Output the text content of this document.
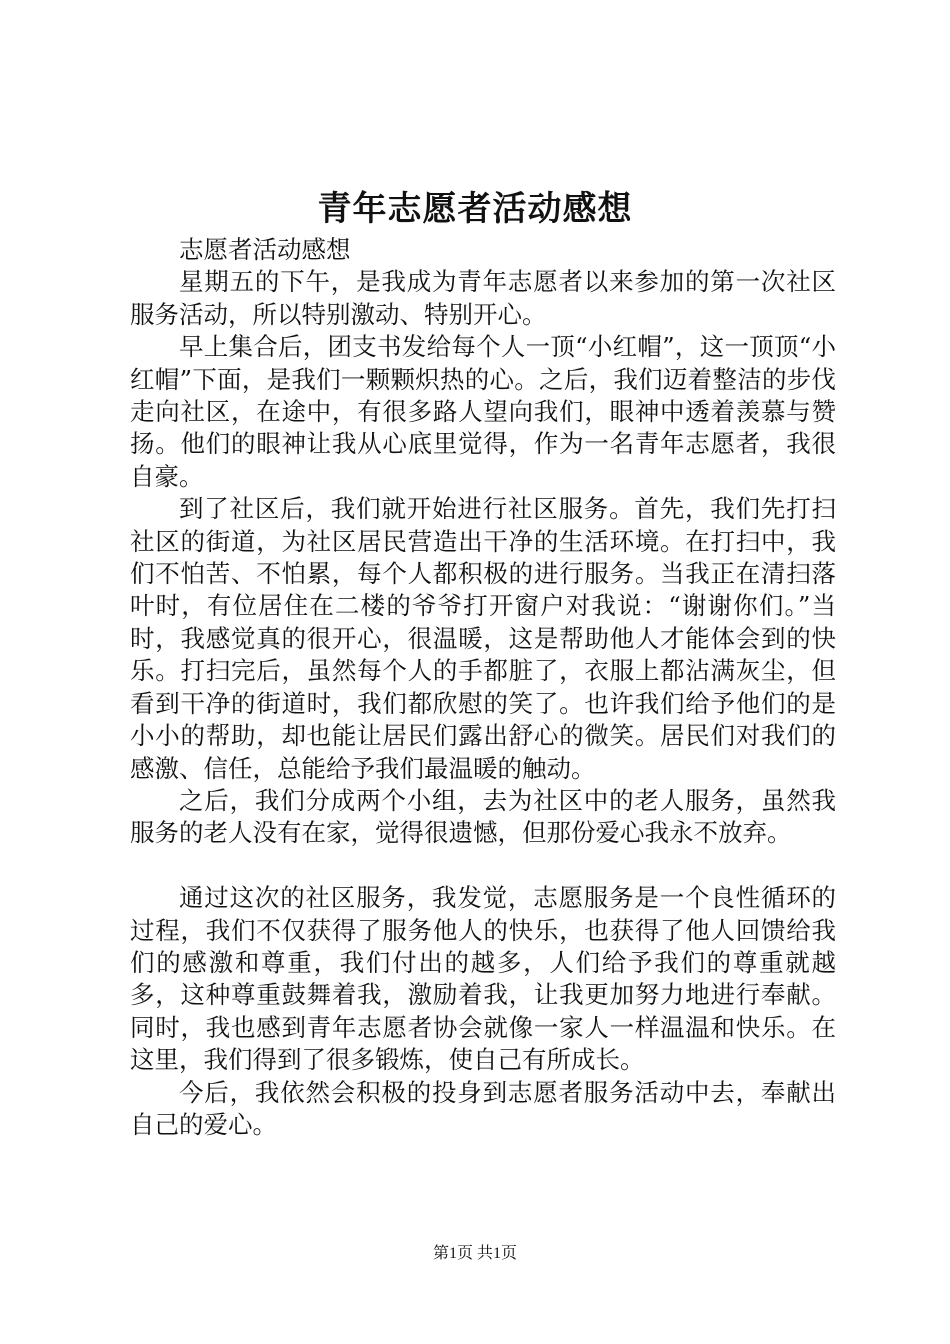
青年志愿者活动感想

志愿者活动感想

星期五的下午，是我成为青年志愿者以来参加的第一次社区服务活动，所以特别激动、特别开心。

早上集合后，团支书发给每个人一顶“小红帽”，这一顶顶“小红帽”下面，是我们一颗颗炽热的心。之后，我们迈着整洁的步伐走向社区，在途中，有很多路人望向我们，眼神中透着羡慕与赞扬。他们的眼神让我从心底里觉得，作为一名青年志愿者，我很自豪。

到了社区后，我们就开始进行社区服务。首先，我们先打扫社区的街道，为社区居民营造出干净的生活环境。在打扫中，我们不怕苦、不怕累，每个人都积极的进行服务。当我正在清扫落叶时，有位居住在二楼的爷爷打开窗户对我说：“谢谢你们。”当时，我感觉真的很开心，很温暖，这是帮助他人才能体会到的快乐。打扫完后，虽然每个人的手都脏了，衣服上都沾满灰尘，但看到干净的街道时，我们都欣慰的笑了。也许我们给予他们的是小小的帮助，却也能让居民们露出舒心的微笑。居民们对我们的感激、信任，总能给予我们最温暖的触动。

之后，我们分成两个小组，去为社区中的老人服务，虽然我服务的老人没有在家，觉得很遗憾，但那份爱心我永不放弃。

通过这次的社区服务，我发觉，志愿服务是一个良性循环的过程，我们不仅获得了服务他人的快乐，也获得了他人回馈给我们的感激和尊重，我们付出的越多，人们给予我们的尊重就越多，这种尊重鼓舞着我，激励着我，让我更加努力地进行奉献。同时，我也感到青年志愿者协会就像一家人一样温温和快乐。在这里，我们得到了很多锻炼，使自己有所成长。

今后，我依然会积极的投身到志愿者服务活动中去，奉献出自己的爱心。

第1页 共1页
